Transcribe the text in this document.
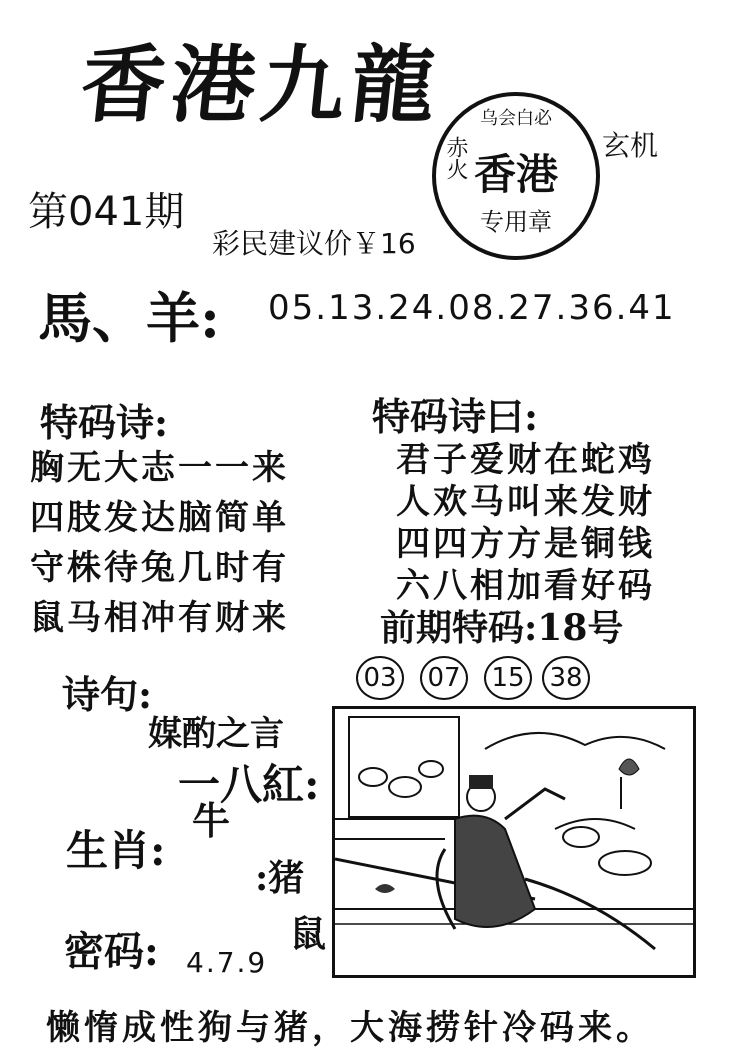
香港九龍	乌会白必
赤火 香港
专用章
玄机
第041期
彩民建议价￥16
馬、羊: 05.13.24.08.27.36.41
特码诗:
胸无大志一一来
四肢发达脑简单
守株待兔几时有
鼠马相冲有财来
特码诗曰:
君子爱财在蛇鸡
人欢马叫来发财
四四方方是铜钱
六八相加看好码
前期特码:18号
03 07 15 38
诗句:
媒酌之言
一八紅:
生肖:
牛
:猪
鼠
密码: 4.7.9
懒惰成性狗与猪，大海捞针冷码来。
